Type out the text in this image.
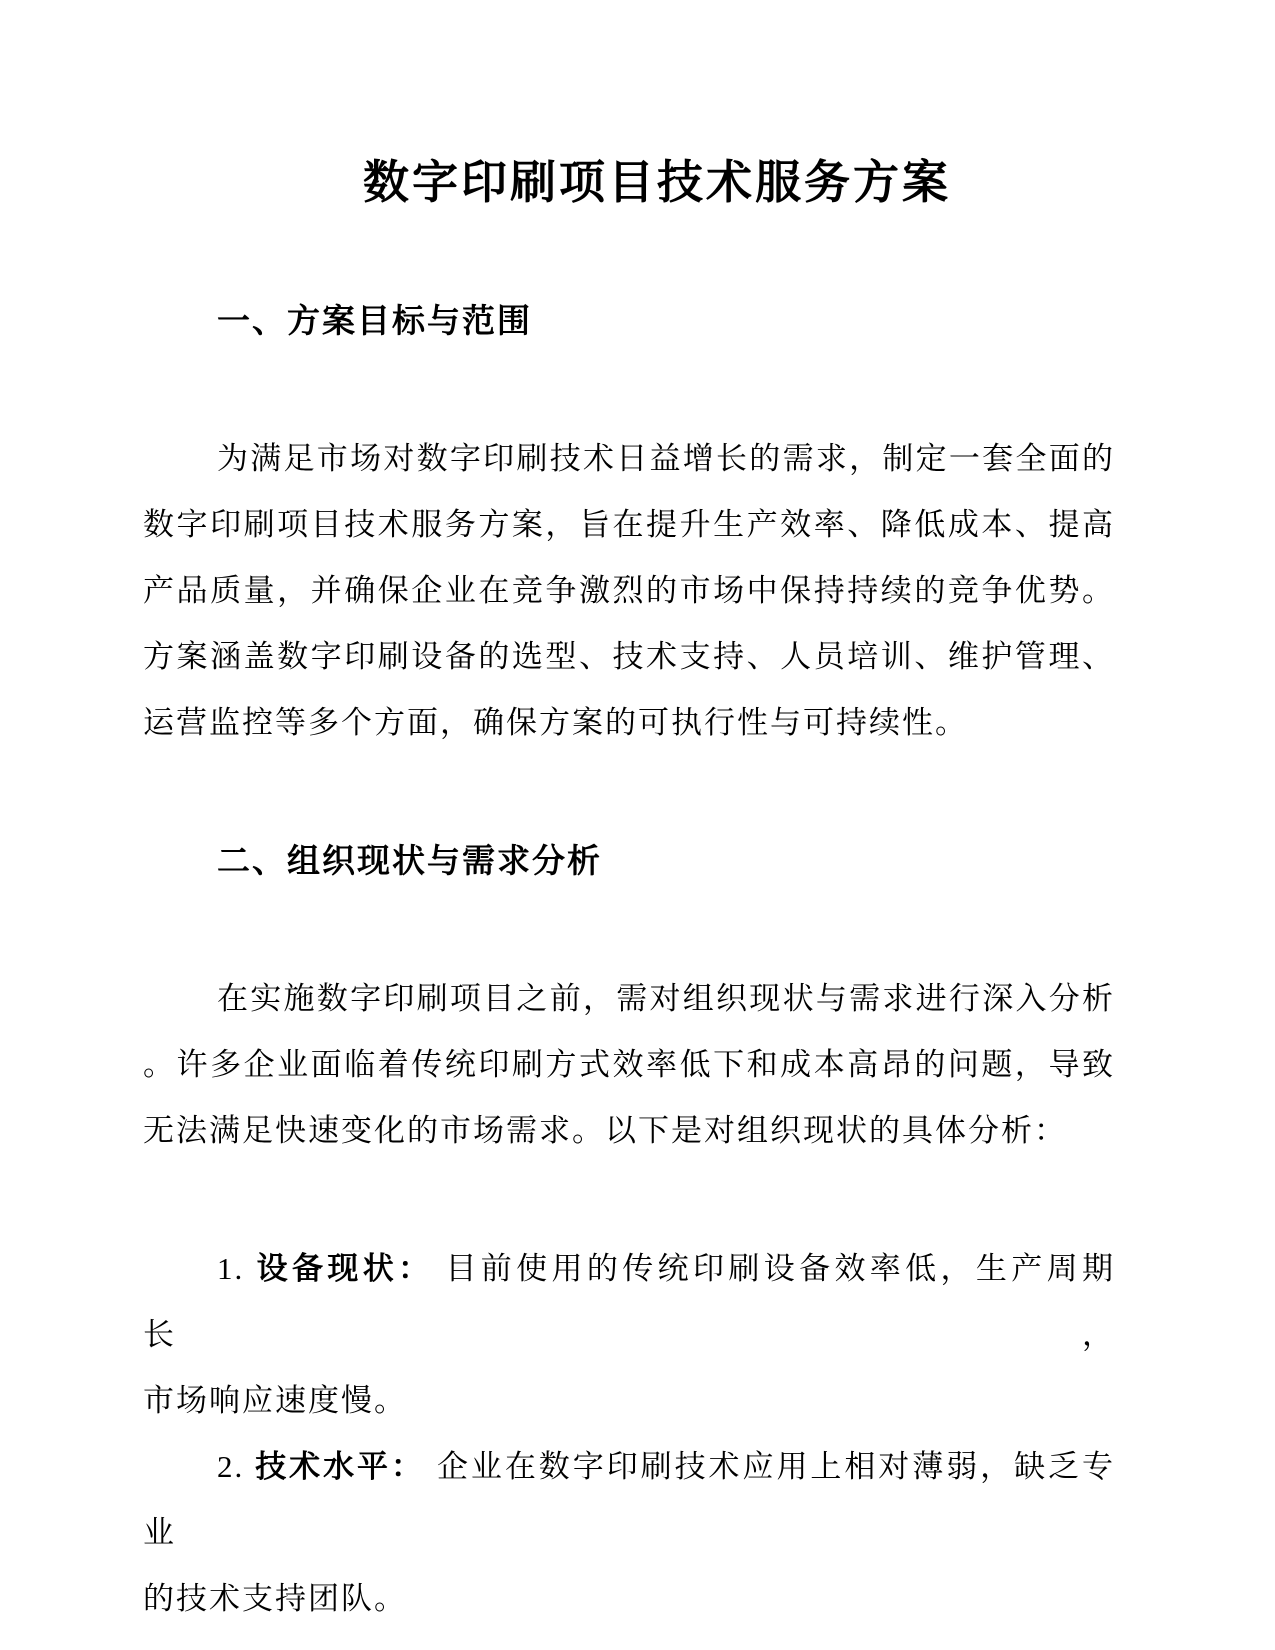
数字印刷项目技术服务方案
一、方案目标与范围
为满足市场对数字印刷技术日益增长的需求，制定一套全面的
数字印刷项目技术服务方案，旨在提升生产效率、降低成本、提高
产品质量，并确保企业在竞争激烈的市场中保持持续的竞争优势。
方案涵盖数字印刷设备的选型、技术支持、人员培训、维护管理、
运营监控等多个方面，确保方案的可执行性与可持续性。
二、组织现状与需求分析
在实施数字印刷项目之前，需对组织现状与需求进行深入分析
。许多企业面临着传统印刷方式效率低下和成本高昂的问题，导致
无法满足快速变化的市场需求。以下是对组织现状的具体分析：
1. 设备现状： 目前使用的传统印刷设备效率低，生产周期长，
市场响应速度慢。
2. 技术水平： 企业在数字印刷技术应用上相对薄弱，缺乏专业
的技术支持团队。
